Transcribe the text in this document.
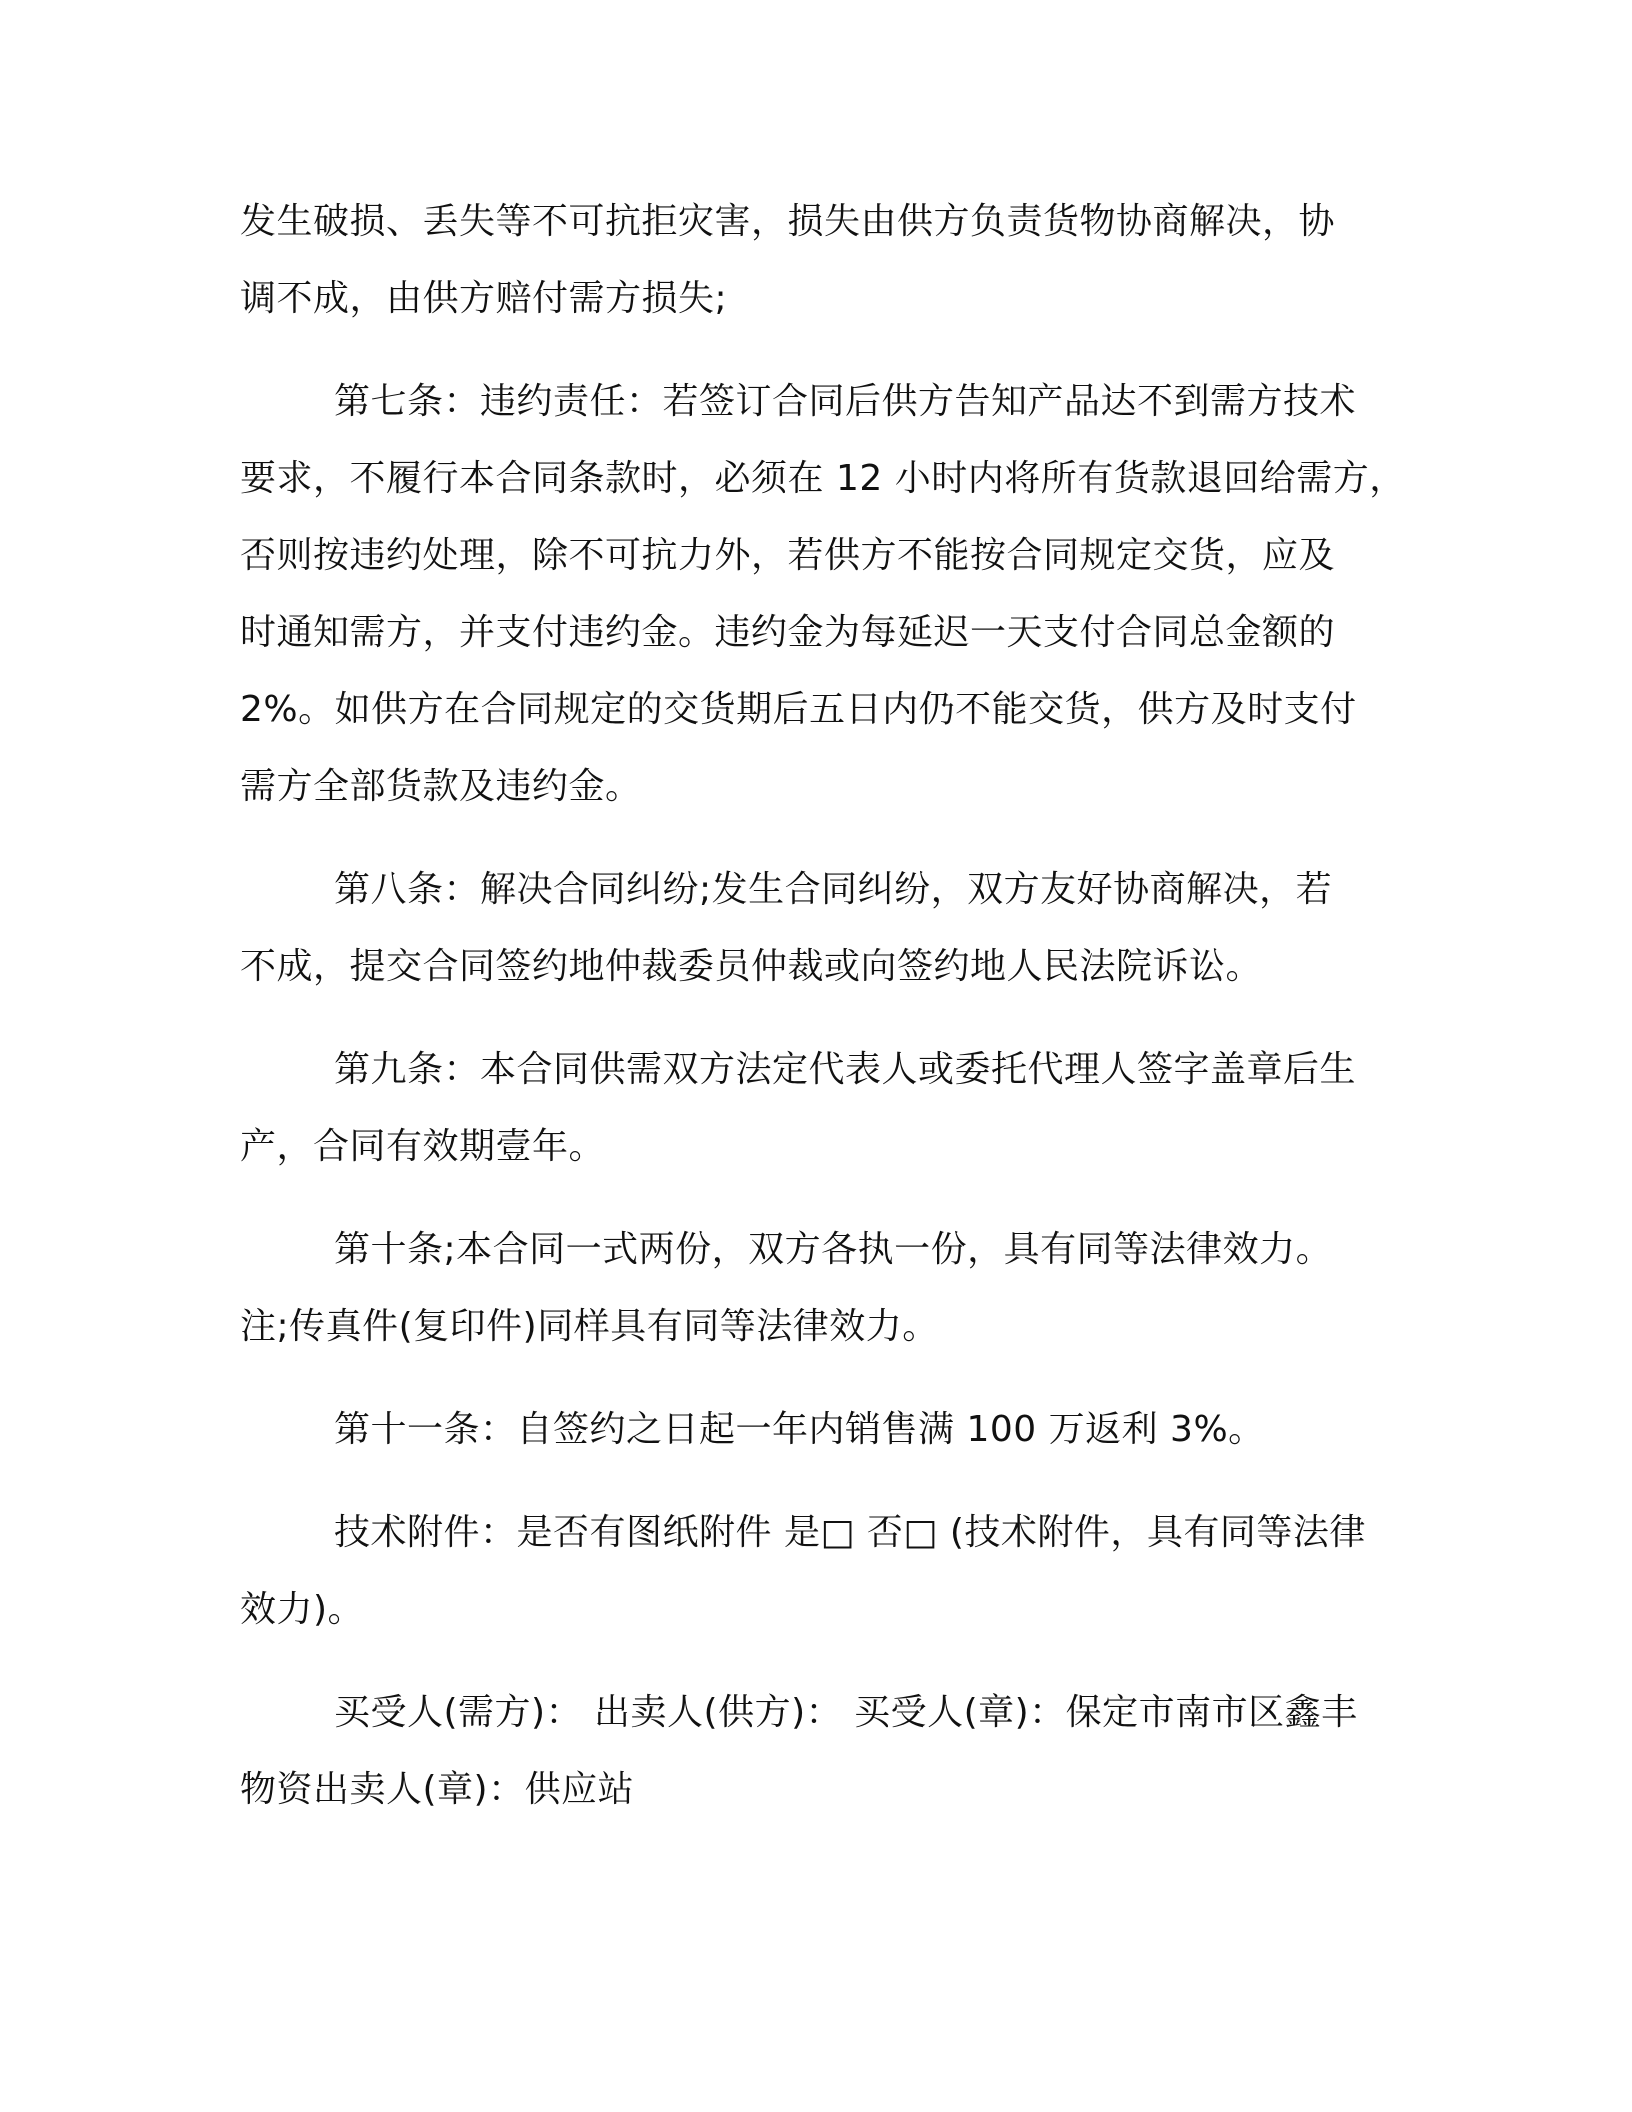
发生破损、丢失等不可抗拒灾害，损失由供方负责货物协商解决，协
调不成，由供方赔付需方损失;

第七条：违约责任：若签订合同后供方告知产品达不到需方技术
要求，不履行本合同条款时，必须在 12 小时内将所有货款退回给需方，
否则按违约处理，除不可抗力外，若供方不能按合同规定交货，应及
时通知需方，并支付违约金。违约金为每延迟一天支付合同总金额的
2%。如供方在合同规定的交货期后五日内仍不能交货，供方及时支付
需方全部货款及违约金。

第八条：解决合同纠纷;发生合同纠纷，双方友好协商解决，若
不成，提交合同签约地仲裁委员仲裁或向签约地人民法院诉讼。

第九条：本合同供需双方法定代表人或委托代理人签字盖章后生
产，合同有效期壹年。

第十条;本合同一式两份，双方各执一份，具有同等法律效力。
注;传真件(复印件)同样具有同等法律效力。

第十一条：自签约之日起一年内销售满 100 万返利 3%。

技术附件：是否有图纸附件 是□ 否□ (技术附件，具有同等法律
效力)。

买受人(需方)： 出卖人(供方)： 买受人(章)：保定市南市区鑫丰
物资出卖人(章)：供应站
